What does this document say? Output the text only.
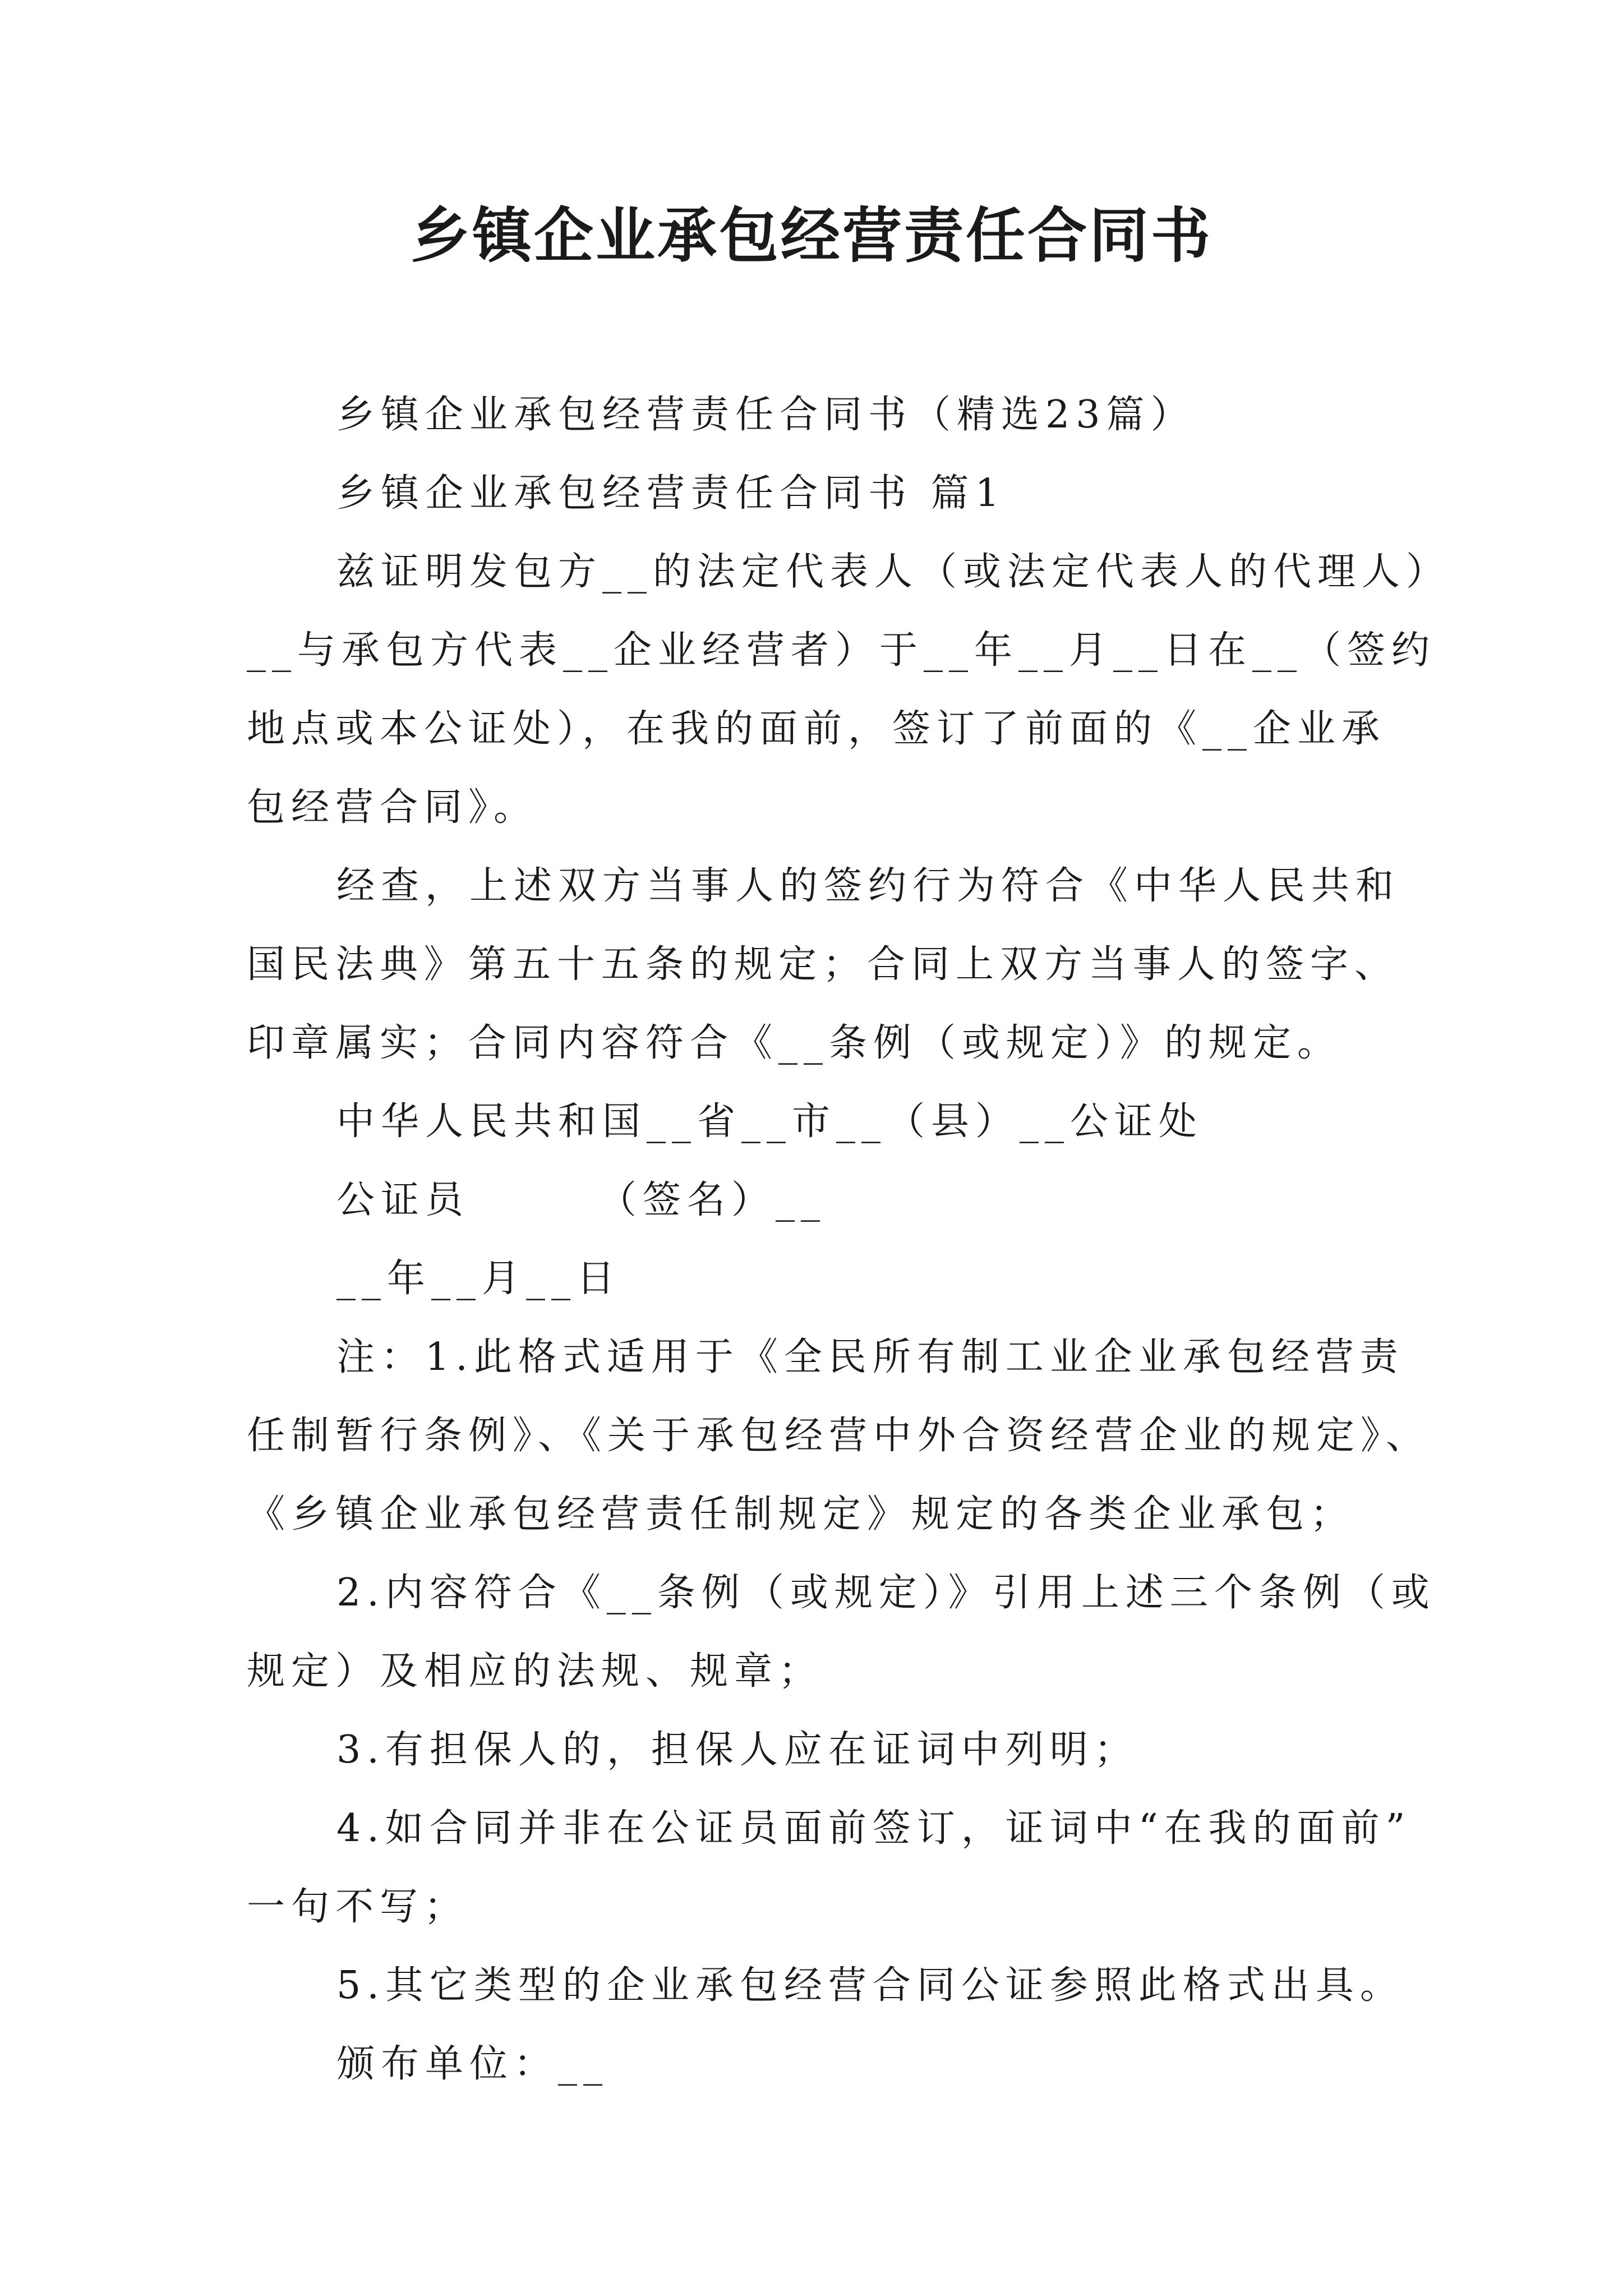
乡镇企业承包经营责任合同书

乡镇企业承包经营责任合同书（精选23篇）

乡镇企业承包经营责任合同书 篇1

兹证明发包方__的法定代表人（或法定代表人的代理人）

__与承包方代表__企业经营者）于__年__月__日在__（签约

地点或本公证处），在我的面前，签订了前面的《__企业承

包经营合同》。

经查，上述双方当事人的签约行为符合《中华人民共和

国民法典》第五十五条的规定；合同上双方当事人的签字、

印章属实；合同内容符合《__条例（或规定）》的规定。

中华人民共和国__省__市__（县）__公证处

公证员	（签名）__

__年__月__日

注：1.此格式适用于《全民所有制工业企业承包经营责

任制暂行条例》、《关于承包经营中外合资经营企业的规定》、

《乡镇企业承包经营责任制规定》规定的各类企业承包；

2.内容符合《__条例（或规定）》引用上述三个条例（或

规定）及相应的法规、规章；

3.有担保人的，担保人应在证词中列明；

4.如合同并非在公证员面前签订，证词中“在我的面前”

一句不写；

5.其它类型的企业承包经营合同公证参照此格式出具。

颁布单位：__
